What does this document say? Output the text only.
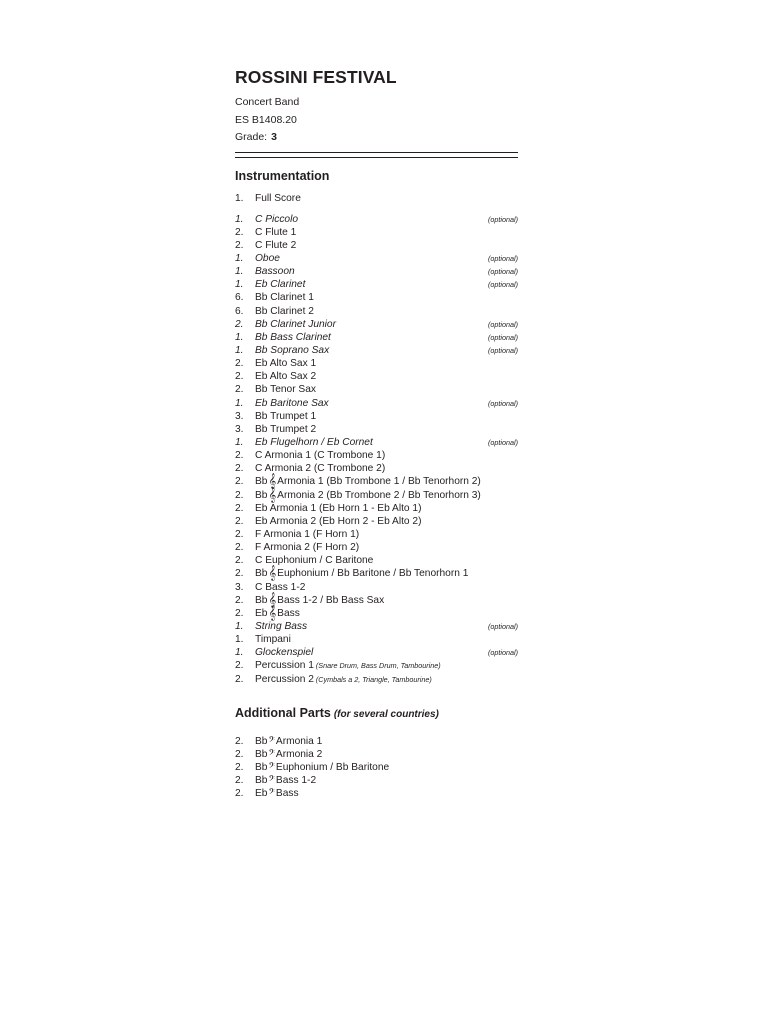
ROSSINI FESTIVAL
Concert Band
ES B1408.20
Grade: 3
Instrumentation
1. Full Score
1. C Piccolo	(optional)
2. C Flute 1
2. C Flute 2
1. Oboe	(optional)
1. Bassoon	(optional)
1. Eb Clarinet	(optional)
6. Bb Clarinet 1
6. Bb Clarinet 2
2. Bb Clarinet Junior	(optional)
1. Bb Bass Clarinet	(optional)
1. Bb Soprano Sax	(optional)
2. Eb Alto Sax 1
2. Eb Alto Sax 2
2. Bb Tenor Sax
1. Eb Baritone Sax	(optional)
3. Bb Trumpet 1
3. Bb Trumpet 2
1. Eb Flugelhorn / Eb Cornet	(optional)
2. C Armonia 1 (C Trombone 1)
2. C Armonia 2 (C Trombone 2)
2. Bb𝄞Armonia 1 (Bb Trombone 1 / Bb Tenorhorn 2)
2. Bb𝄞Armonia 2 (Bb Trombone 2 / Bb Tenorhorn 3)
2. Eb Armonia 1 (Eb Horn 1 - Eb Alto 1)
2. Eb Armonia 2 (Eb Horn 2 - Eb Alto 2)
2. F Armonia 1 (F Horn 1)
2. F Armonia 2 (F Horn 2)
2. C Euphonium / C Baritone
2. Bb𝄞Euphonium / Bb Baritone / Bb Tenorhorn 1
3. C Bass 1-2
2. Bb𝄞Bass 1-2 / Bb Bass Sax
2. Eb𝄞Bass
1. String Bass	(optional)
1. Timpani
1. Glockenspiel	(optional)
2. Percussion 1 (Snare Drum, Bass Drum, Tambourine)
2. Percussion 2 (Cymbals a 2, Triangle, Tambourine)
Additional Parts (for several countries)
2. Bb𝄢Armonia 1
2. Bb𝄢Armonia 2
2. Bb𝄢Euphonium / Bb Baritone
2. Bb𝄢Bass 1-2
2. Eb𝄢Bass
